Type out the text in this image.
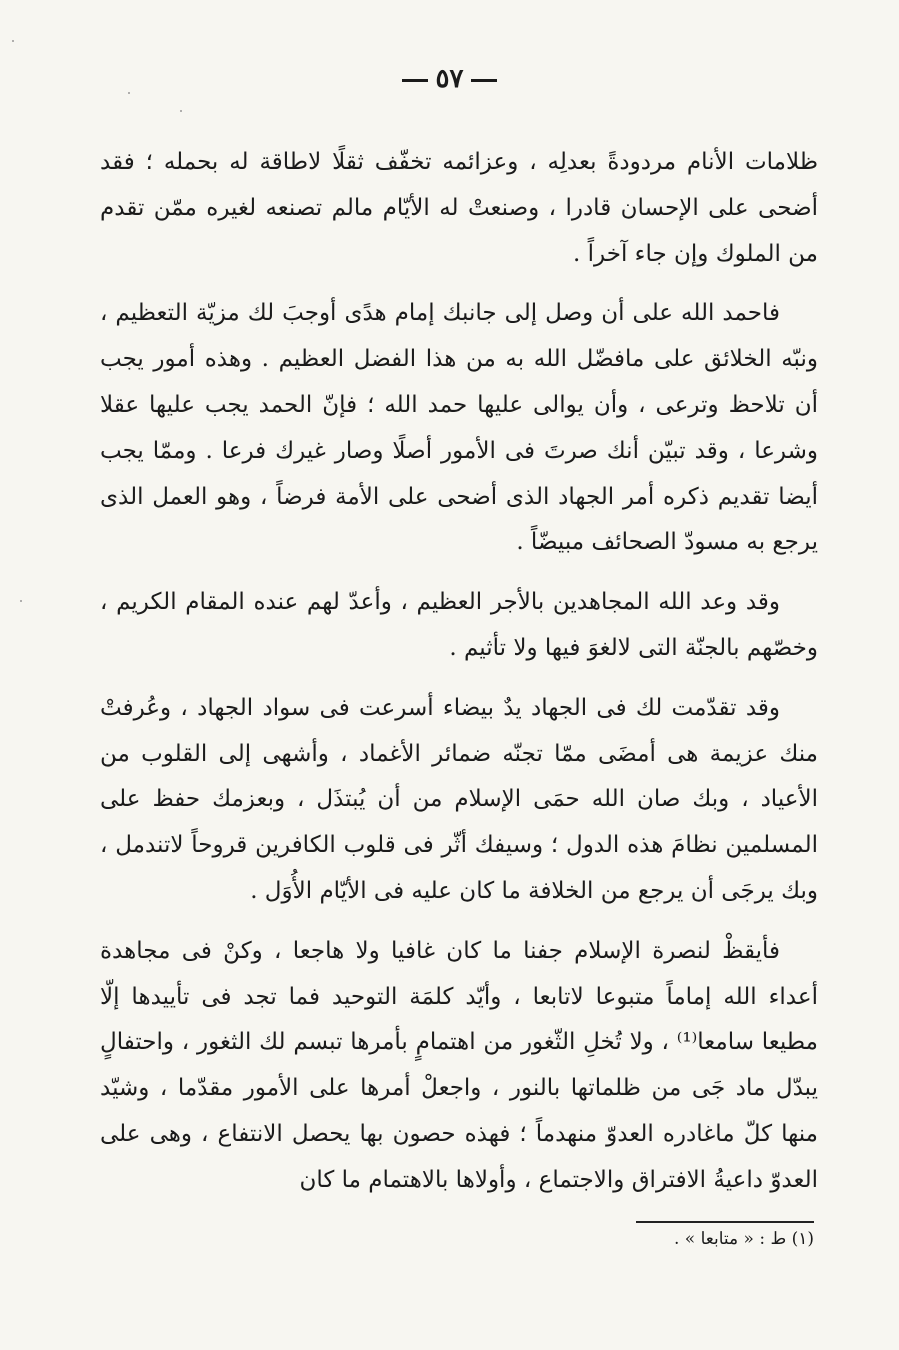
٥٧

ظلامات الأنام مردودةً بعدلِه ، وعزائمه تخفّف ثقلًا لاطاقة له بحمله ؛ فقد أضحى على الإحسان قادرا ، وصنعتْ له الأيّام مالم تصنعه لغيره ممّن تقدم من الملوك وإن جاء آخراً .

فاحمد الله على أن وصل إلى جانبك إمام هدًى أوجبَ لك مزيّة التعظيم ، ونبّه الخلائق على مافضّل الله به من هذا الفضل العظيم . وهذه أمور يجب أن تلاحظ وترعى ، وأن يوالى عليها حمد الله ؛ فإنّ الحمد يجب عليها عقلا وشرعا ، وقد تبيّن أنك صرتَ فى الأمور أصلًا وصار غيرك فرعا . وممّا يجب أيضا تقديم ذكره أمر الجهاد الذى أضحى على الأمة فرضاً ، وهو العمل الذى يرجع به مسودّ الصحائف مبيضّاً .

وقد وعد الله المجاهدين بالأجر العظيم ، وأعدّ لهم عنده المقام الكريم ، وخصّهم بالجنّة التى لالغوَ فيها ولا تأثيم .

وقد تقدّمت لك فى الجهاد يدٌ بيضاء أسرعت فى سواد الجهاد ، وعُرفتْ منك عزيمة هى أمضَى ممّا تجنّه ضمائر الأغماد ، وأشهى إلى القلوب من الأعياد ، وبك صان الله حمَى الإسلام من أن يُبتذَل ، وبعزمك حفظ على المسلمين نظامَ هذه الدول ؛ وسيفك أثّر فى قلوب الكافرين قروحاً لاتندمل ، وبك يرجَى أن يرجع من الخلافة ما كان عليه فى الأيّام الأُوَل .

فأيقظْ لنصرة الإسلام جفنا ما كان غافيا ولا هاجعا ، وكنْ فى مجاهدة أعداء الله إماماً متبوعا لاتابعا ، وأيّد كلمَة التوحيد فما تجد فى تأييدها إلّا مطيعا سامعا⁽¹⁾ ، ولا تُخلِ الثّغور من اهتمامٍ بأمرها تبسم لك الثغور ، واحتفالٍ يبدّل ماد جَى من ظلماتها بالنور ، واجعلْ أمرها على الأمور مقدّما ، وشيّد منها كلّ ماغادره العدوّ منهدماً ؛ فهذه حصون بها يحصل الانتفاع ، وهى على العدوّ داعيةُ الافتراق والاجتماع ، وأولاها بالاهتمام ما كان

(١) ط : « متابعا » .
